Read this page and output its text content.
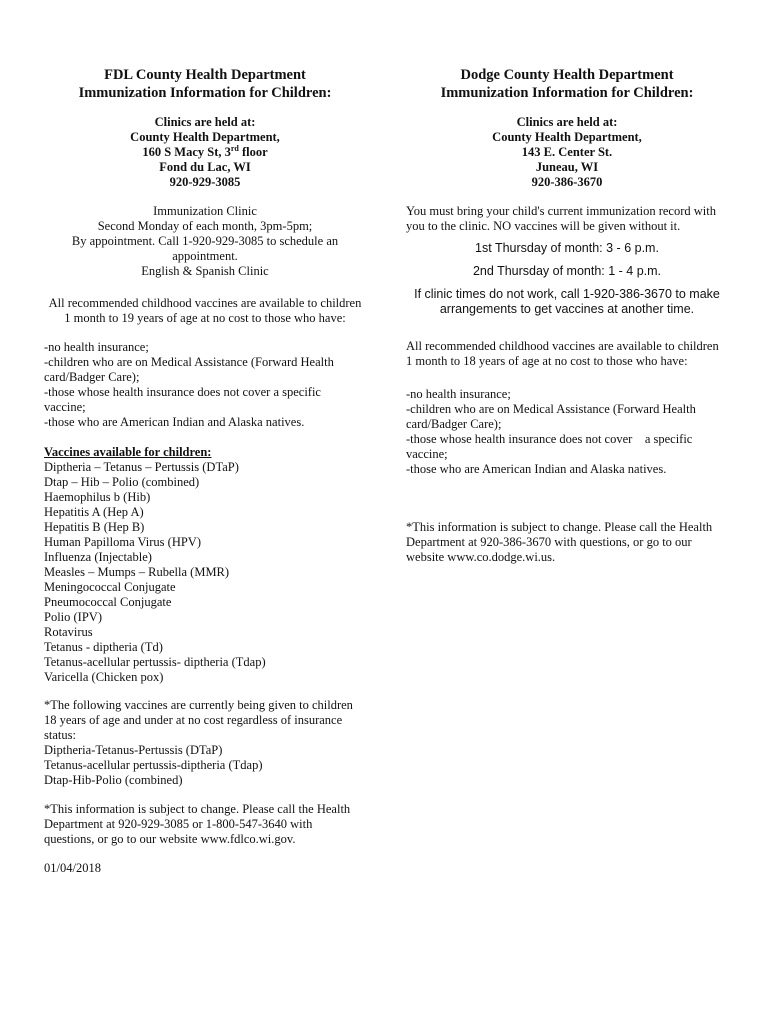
FDL County Health Department
Immunization Information for Children:
Clinics are held at:
County Health Department,
160 S Macy St, 3rd floor
Fond du Lac, WI
920-929-3085
Immunization Clinic
Second Monday of each month, 3pm-5pm;
By appointment. Call 1-920-929-3085 to schedule an
appointment.
English & Spanish Clinic
All recommended childhood vaccines are available to children
1 month to 19 years of age at no cost to those who have:
-no health insurance;
-children who are on Medical Assistance (Forward Health
card/Badger Care);
-those whose health insurance does not cover a specific
vaccine;
-those who are American Indian and Alaska natives.
Vaccines available for children:
Diptheria – Tetanus – Pertussis (DTaP)
Dtap – Hib – Polio (combined)
Haemophilus b (Hib)
Hepatitis A (Hep A)
Hepatitis B (Hep B)
Human Papilloma Virus (HPV)
Influenza (Injectable)
Measles – Mumps – Rubella (MMR)
Meningococcal Conjugate
Pneumococcal Conjugate
Polio (IPV)
Rotavirus
Tetanus - diptheria (Td)
Tetanus-acellular pertussis- diptheria (Tdap)
Varicella (Chicken pox)
*The following vaccines are currently being given to children
18 years of age and under at no cost regardless of insurance
status:
Diptheria-Tetanus-Pertussis (DTaP)
Tetanus-acellular pertussis-diptheria (Tdap)
Dtap-Hib-Polio (combined)
*This information is subject to change. Please call the Health
Department at 920-929-3085 or 1-800-547-3640 with
questions, or go to our website www.fdlco.wi.gov.
01/04/2018
Dodge County Health Department
Immunization Information for Children:
Clinics are held at:
County Health Department,
143 E. Center St.
Juneau, WI
920-386-3670
You must bring your child's current immunization record with
you to the clinic. NO vaccines will be given without it.
1st Thursday of month: 3 - 6 p.m.
2nd Thursday of month: 1 - 4 p.m.
If clinic times do not work, call 1-920-386-3670 to make
arrangements to get vaccines at another time.
All recommended childhood vaccines are available to children
1 month to 18 years of age at no cost to those who have:
-no health insurance;
-children who are on Medical Assistance (Forward Health
card/Badger Care);
-those whose health insurance does not cover    a specific
vaccine;
-those who are American Indian and Alaska natives.
*This information is subject to change. Please call the Health
Department at 920-386-3670 with questions, or go to our
website www.co.dodge.wi.us.
